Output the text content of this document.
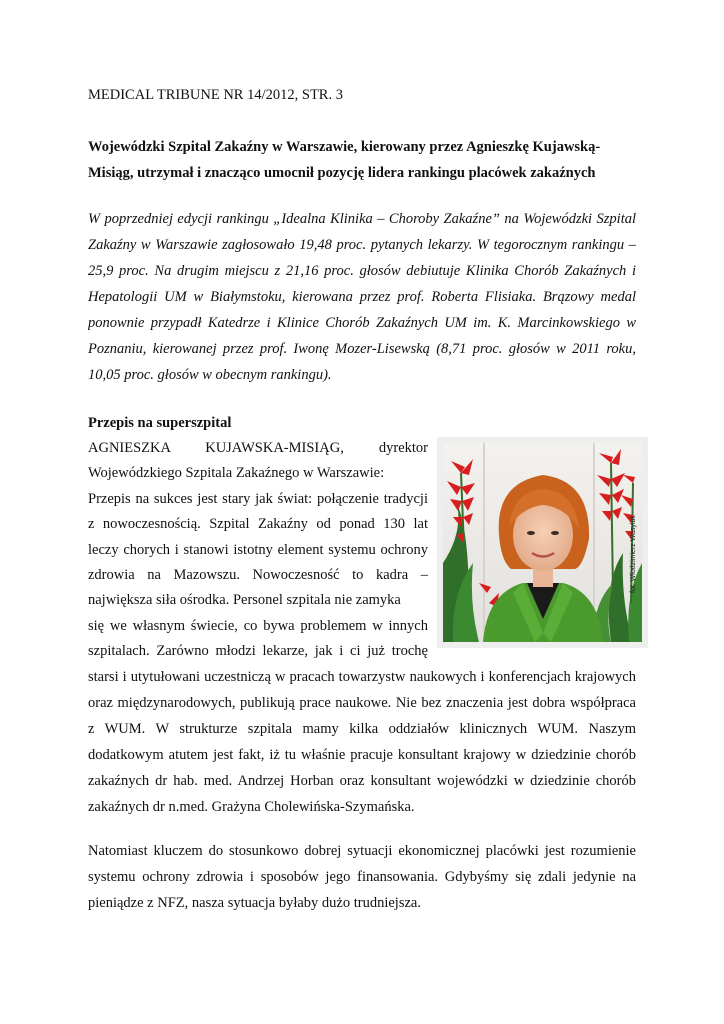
MEDICAL TRIBUNE NR 14/2012, STR. 3
Wojewódzki Szpital Zakaźny w Warszawie, kierowany przez Agnieszkę Kujawską-
Misiąg, utrzymał i znacząco umocnił pozycję lidera rankingu placówek zakaźnych
W poprzedniej edycji rankingu „Idealna Klinika – Choroby Zakaźne” na Wojewódzki Szpital
Zakaźny w Warszawie zagłosowało 19,48 proc. pytanych lekarzy. W tegorocznym rankingu –
25,9 proc. Na drugim miejscu z 21,16 proc. głosów debiutuje Klinika Chorób Zakaźnych i
Hepatologii UM w Białymstoku, kierowana przez prof. Roberta Flisiaka. Brązowy medal
ponownie przypadł Katedrze i Klinice Chorób Zakaźnych UM im. K. Marcinkowskiego w
Poznaniu, kierowanej przez prof. Iwonę Mozer-Lisewską (8,71 proc. głosów w 2011 roku,
10,05 proc. głosów w obecnym rankingu).
Przepis na superszpital
AGNIESZKA KUJAWSKA-MISIĄG, dyrektor
Wojewódzkiego Szpitala Zakaźnego w Warszawie:
Przepis na sukces jest stary jak świat: połączenie tradycji
z nowoczesnością. Szpital Zakaźny od ponad 130 lat
leczy chorych i stanowi istotny element systemu ochrony
zdrowia na Mazowszu. Nowoczesność to kadra –
największa siła ośrodka. Personel szpitala nie zamyka
się we własnym świecie, co bywa problemem w innych
szpitalach. Zarówno młodzi lekarze, jak i ci już trochę
starsi i utytułowani uczestniczą w pracach towarzystw naukowych i konferencjach krajowych
oraz międzynarodowych, publikują prace naukowe. Nie bez znaczenia jest dobra współpraca
z WUM. W strukturze szpitala mamy kilka oddziałów klinicznych WUM. Naszym
dodatkowym atutem jest fakt, iż tu właśnie pracuje konsultant krajowy w dziedzinie chorób
zakaźnych dr hab. med. Andrzej Horban oraz konsultant wojewódzki w dziedzinie chorób
zakaźnych dr n.med. Grażyna Cholewińska-Szymańska.
Natomiast kluczem do stosunkowo dobrej sytuacji ekonomicznej placówki jest rozumienie
systemu ochrony zdrowia i sposobów jego finansowania. Gdybyśmy się zdali jedynie na
pieniądze z NFZ, nasza sytuacja byłaby dużo trudniejsza.
fot. Włodzimierz Wasyluk
